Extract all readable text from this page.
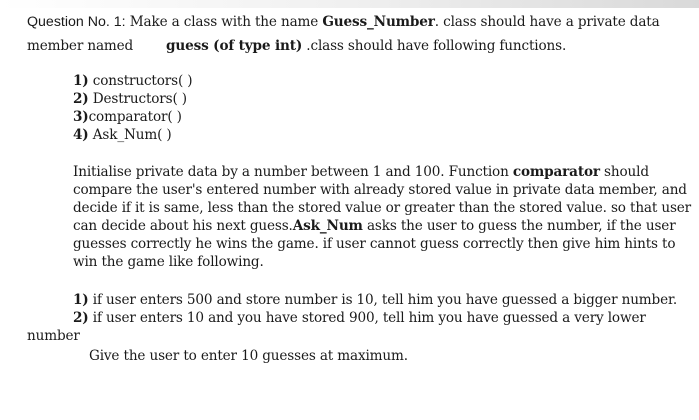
Question No. 1: Make a class with the name Guess_Number. class should have a private data
member named guess (of type int) .class should have following functions.
1) constructors( )
2) Destructors( )
3)comparator( )
4) Ask_Num( )
Initialise private data by a number between 1 and 100. Function comparator should
compare the user's entered number with already stored value in private data member, and
decide if it is same, less than the stored value or greater than the stored value. so that user
can decide about his next guess.Ask_Num asks the user to guess the number, if the user
guesses correctly he wins the game. if user cannot guess correctly then give him hints to
win the game like following.
1) if user enters 500 and store number is 10, tell him you have guessed a bigger number.
2) if user enters 10 and you have stored 900, tell him you have guessed a very lower
number
Give the user to enter 10 guesses at maximum.
